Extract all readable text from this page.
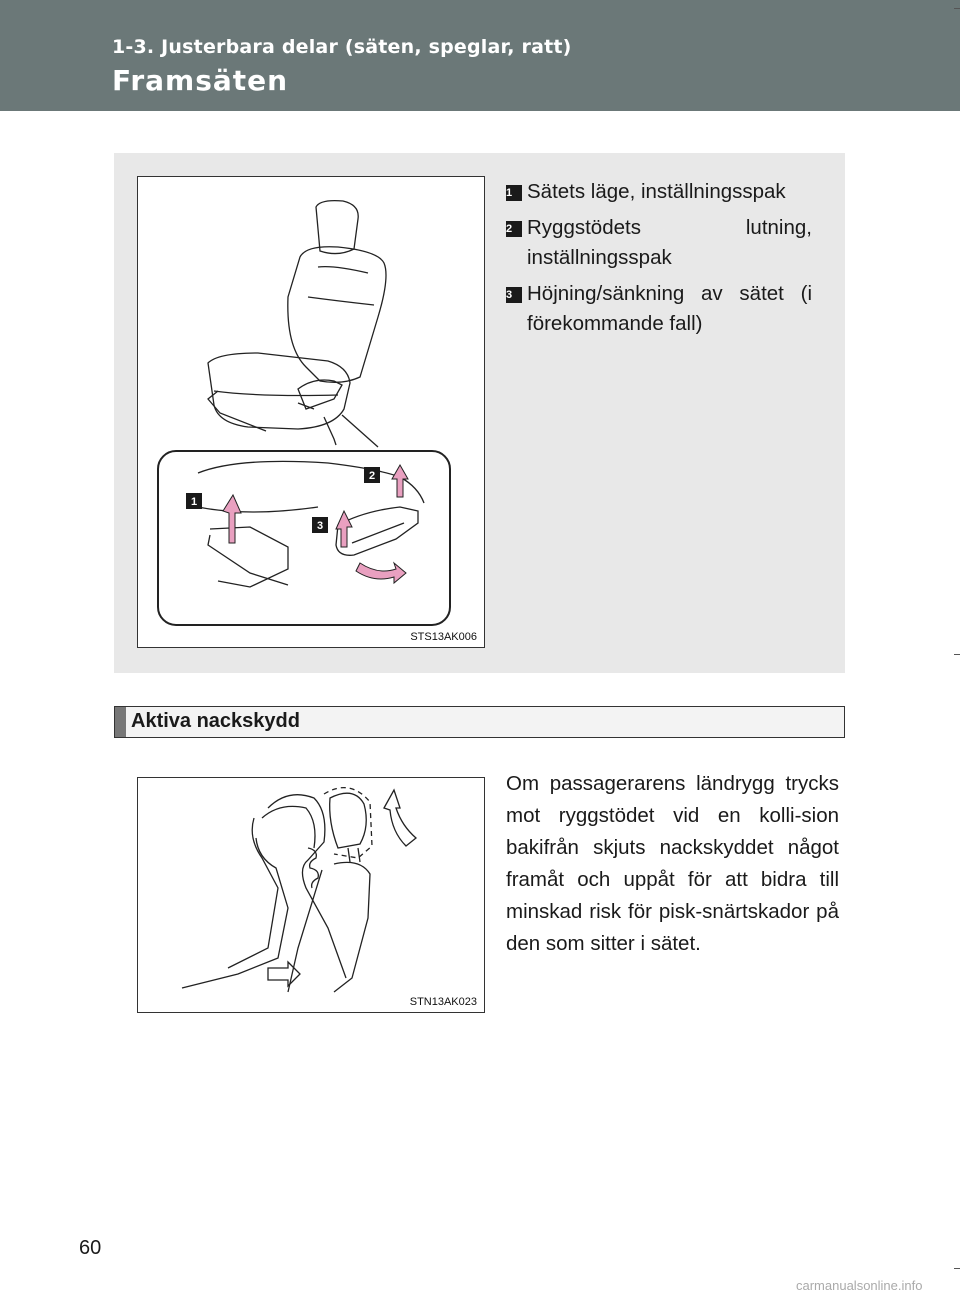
1-3. Justerbara delar (säten, speglar, ratt)
Framsäten
1
2
3
STS13AK006
1 Sätets läge, inställningsspak
2 Ryggstödets lutning, inställningsspak
3 Höjning/sänkning av sätet (i förekommande fall)
Aktiva nackskydd
STN13AK023
Om passagerarens ländrygg trycks mot ryggstödet vid en kolli-sion bakifrån skjuts nackskyddet något framåt och uppåt för att bidra till minskad risk för pisk-snärtskador på den som sitter i sätet.
60
carmanualsonline.info
